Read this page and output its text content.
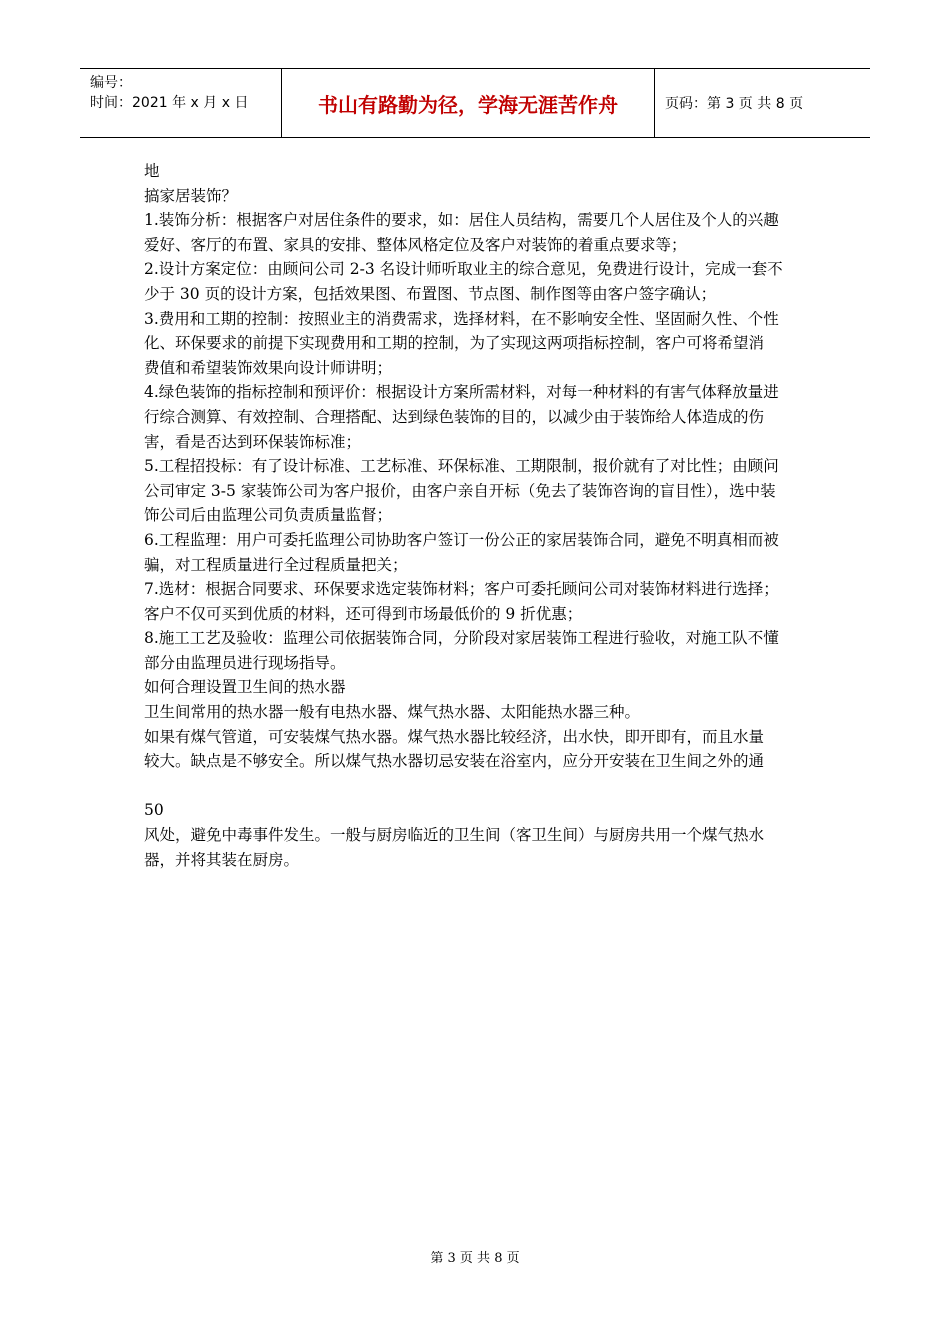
编号：
时间：2021 年 x 月 x 日	书山有路勤为径，学海无涯苦作舟	页码：第 3 页 共 8 页

地

搞家居装饰？

1.装饰分析：根据客户对居住条件的要求，如：居住人员结构，需要几个人居住及个人的兴趣

爱好、客厅的布置、家具的安排、整体风格定位及客户对装饰的着重点要求等；

2.设计方案定位：由顾问公司 2-3 名设计师听取业主的综合意见，免费进行设计，完成一套不

少于 30 页的设计方案，包括效果图、布置图、节点图、制作图等由客户签字确认；

3.费用和工期的控制：按照业主的消费需求，选择材料，在不影响安全性、坚固耐久性、个性

化、环保要求的前提下实现费用和工期的控制，为了实现这两项指标控制，客户可将希望消

费值和希望装饰效果向设计师讲明；

4.绿色装饰的指标控制和预评价：根据设计方案所需材料，对每一种材料的有害气体释放量进

行综合测算、有效控制、合理搭配、达到绿色装饰的目的，以减少由于装饰给人体造成的伤

害，看是否达到环保装饰标准；

5.工程招投标：有了设计标准、工艺标准、环保标准、工期限制，报价就有了对比性；由顾问

公司审定 3-5 家装饰公司为客户报价，由客户亲自开标（免去了装饰咨询的盲目性），选中装

饰公司后由监理公司负责质量监督；

6.工程监理：用户可委托监理公司协助客户签订一份公正的家居装饰合同，避免不明真相而被

骗，对工程质量进行全过程质量把关；

7.选材：根据合同要求、环保要求选定装饰材料；客户可委托顾问公司对装饰材料进行选择；

客户不仅可买到优质的材料，还可得到市场最低价的 9 折优惠；

8.施工工艺及验收：监理公司依据装饰合同，分阶段对家居装饰工程进行验收，对施工队不懂

部分由监理员进行现场指导。

如何合理设置卫生间的热水器

卫生间常用的热水器一般有电热水器、煤气热水器、太阳能热水器三种。

如果有煤气管道，可安装煤气热水器。煤气热水器比较经济，出水快，即开即有，而且水量

较大。缺点是不够安全。所以煤气热水器切忌安装在浴室内，应分开安装在卫生间之外的通

50

风处，避免中毒事件发生。一般与厨房临近的卫生间（客卫生间）与厨房共用一个煤气热水

器，并将其装在厨房。

第 3 页 共 8 页
